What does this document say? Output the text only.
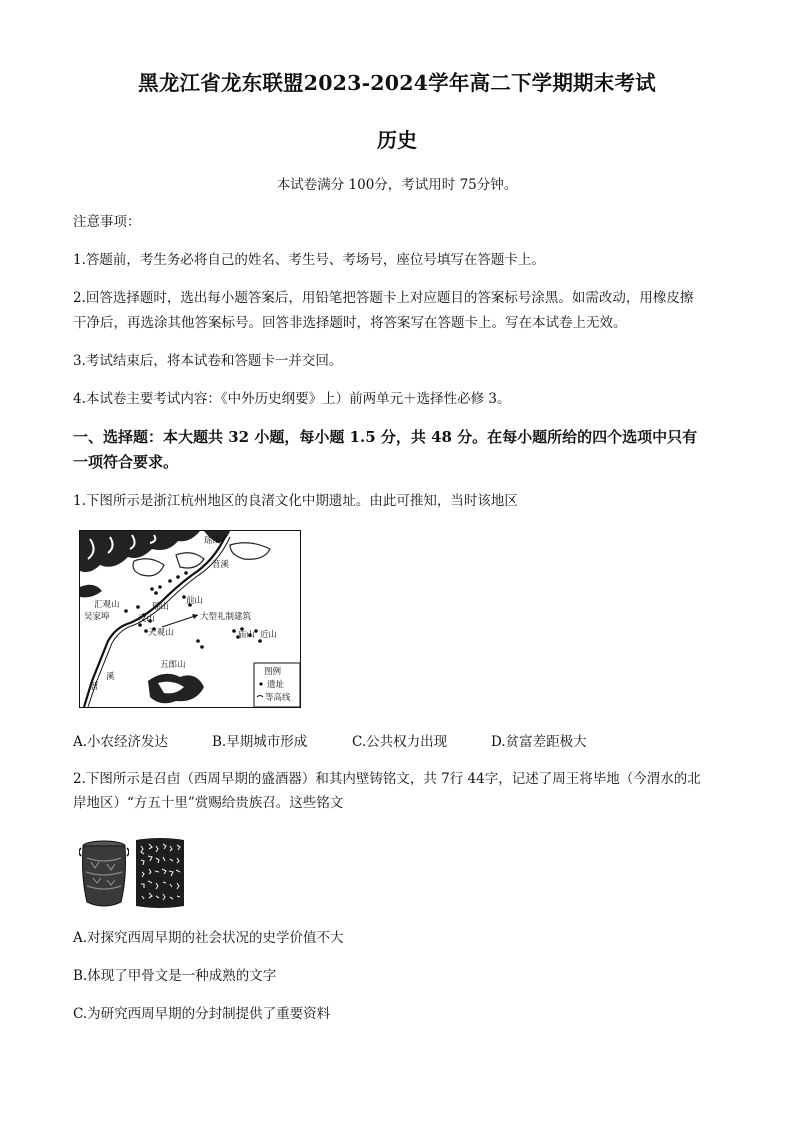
黑龙江省龙东联盟2023-2024学年高二下学期期末考试
历史
本试卷满分 100分，考试用时 75分钟。
注意事项：
1.答题前，考生务必将自己的姓名、考生号、考场号，座位号填写在答题卡上。
2.回答选择题时，选出每小题答案后，用铅笔把答题卡上对应题目的答案标号涂黑。如需改动，用橡皮擦
干净后，再选涂其他答案标号。回答非选择题时，将答案写在答题卡上。写在本试卷上无效。
3.考试结束后，将本试卷和答题卡一并交回。
4.本试卷主要考试内容：《中外历史纲要》上）前两单元＋选择性必修 3。
一、选择题：本大题共 32 小题，每小题 1.5 分，共 48 分。在每小题所给的四个选项中只有
一项符合要求。
1.下图所示是浙江杭州地区的良渚文化中期遗址。由此可推知，当时该地区
瑶山
苕溪
汇观山
吴家埠
瑶山
反山
前山
大型礼制建筑
天观山	庙山 近山
五郎山
溪
苕
图例
遗址
等高线
A.小农经济发达	B.早期城市形成	C.公共权力出现	D.贫富差距极大
2.下图所示是召卣（西周早期的盛酒器）和其内壁铸铭文，共 7行 44字，记述了周王将毕地（今渭水的北
岸地区）“方五十里”赏赐给贵族召。这些铭文
A.对探究西周早期的社会状况的史学价值不大
B.体现了甲骨文是一种成熟的文字
C.为研究西周早期的分封制提供了重要资料
